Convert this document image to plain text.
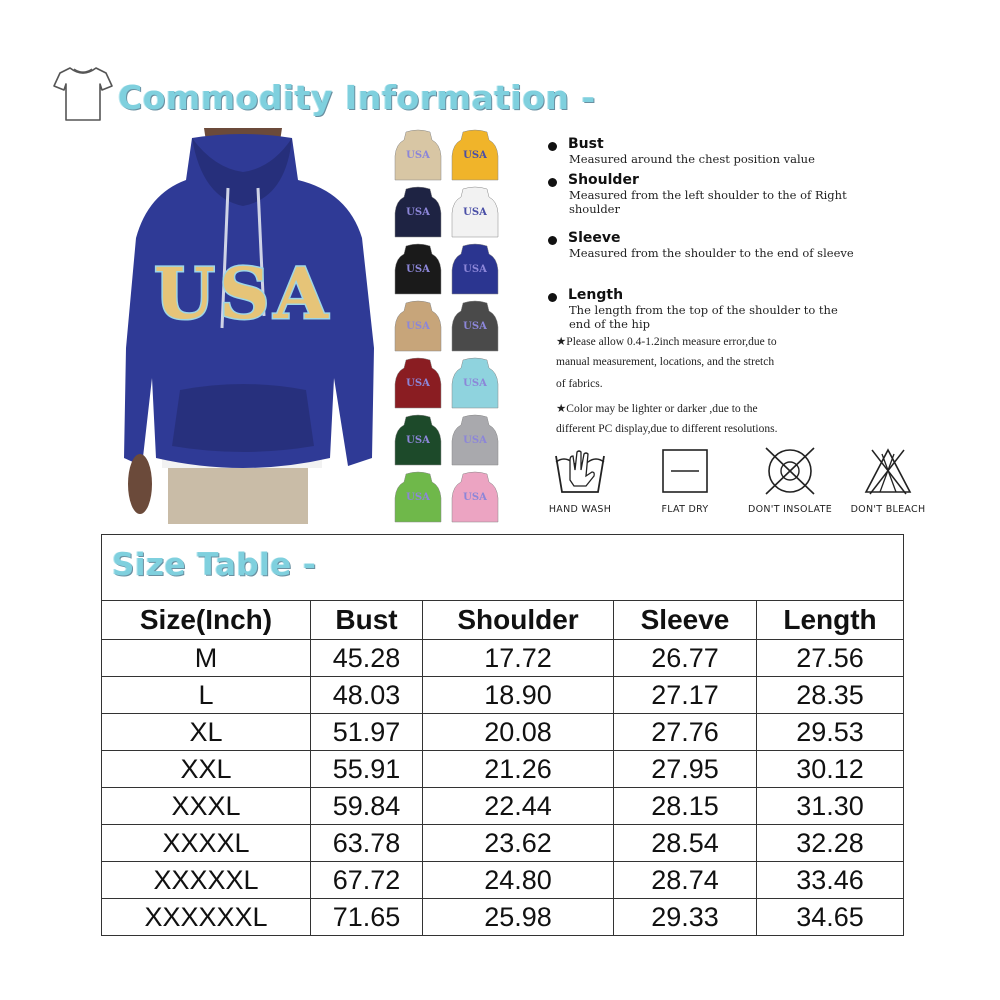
Commodity Information -
USA
USA	USA
USA	USA
USA	USA
USA	USA
USA	USA
USA	USA
USA	USA
Bust
Measured around the chest position value
Shoulder
Measured from the left shoulder to the of Right shoulder
Sleeve
Measured from the shoulder to the end of sleeve
Length
The length from the top of the shoulder to the end of the hip
★Please allow 0.4-1.2inch measure error,due to
manual measurement, locations, and the stretch
of fabrics.
★Color may be lighter or darker ,due to the
different PC display,due to different resolutions.
HAND WASH	FLAT DRY	DON'T INSOLATE	DON'T BLEACH
Size Table -
Size(Inch)	Bust	Shoulder	Sleeve	Length
M	45.28	17.72	26.77	27.56
L	48.03	18.90	27.17	28.35
XL	51.97	20.08	27.76	29.53
XXL	55.91	21.26	27.95	30.12
XXXL	59.84	22.44	28.15	31.30
XXXXL	63.78	23.62	28.54	32.28
XXXXXL	67.72	24.80	28.74	33.46
XXXXXXL	71.65	25.98	29.33	34.65
